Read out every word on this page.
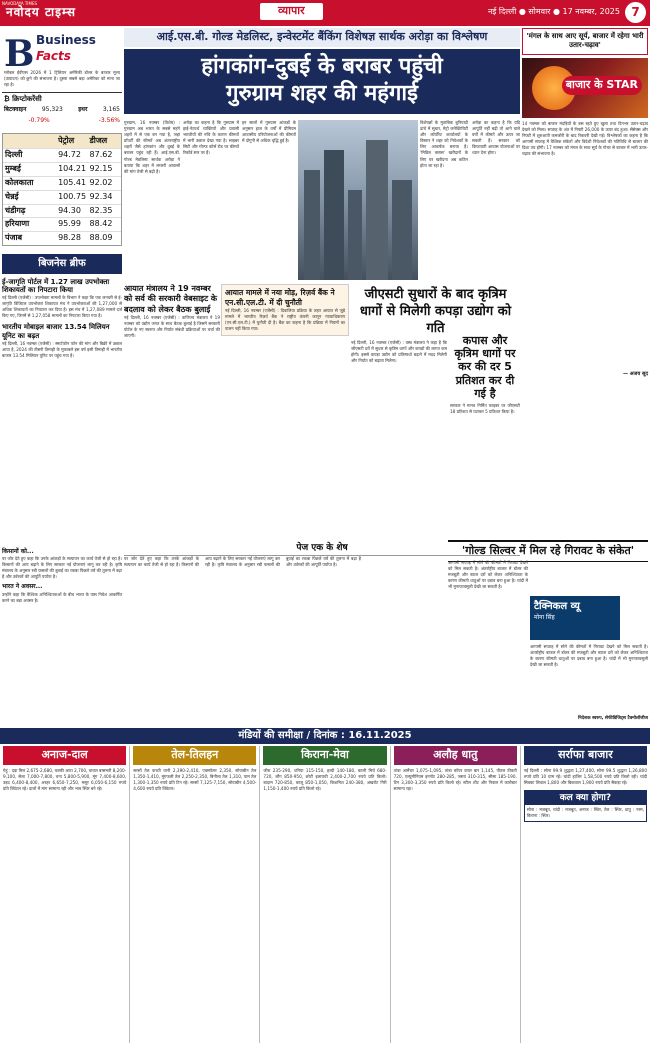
NAVODAYA TIMES
नवोदय टाइम्स	व्यापार	नई दिल्ली ● सोमवार ● 17 नवम्बर, 2025 7
B Business
Facts
ग्लोबल ईवीएस 2026 में 1 ट्रिलियन अमेरिकी डॉलर के बाजार मूल्य (उत्पादन) को छुने की संभावना है। दूसरा सबसे बड़ा अमेरिका को माना जा रहा है।
₿ क्रिप्टोकरेंसी
बिटक्वाइन	95,323	इथर	3,165
-0.79%	-3.56%
पेट्रोल	डीजल
दिल्ली	94.72	87.62
मुम्बई	104.21 92.15
कोलकाता	105.41 92.02
चेन्नई	100.75 92.34
चंडीगढ़	94.30	82.35
हरियाणा	95.99	88.42
पंजाब	98.28	88.09
बिजनेस ब्रीफ
ई-जागृति पोर्टल में 1.27 लाख उपभोक्ता शिकायतों का निपटारा किया
नई दिल्ली (एजेंसी) : उपभोक्ता मामलों के विभाग ने कहा कि एक जनवरी से ई-जागृति डिजिटल उपभोक्ता शिकायत मंच ने उपभोक्ताओं की 1,27,000 से अधिक शिकायतों का निपटारा कर दिया है। इस मंच में 1,27,089 मामले दर्ज किए गए, जिनमें से 1,27,058 मामलों का निपटारा किया गया है।
भारतीय मोबाइल बाजार 13.54 मिलियन यूनिट का बढ़त
नई दिल्ली, 16 नवम्बर (एजेंसी) : स्मार्टफोन फोन की मांग और बिक्री में उछाल आया है, 2024 की तीसरी तिमाही के मुकाबले इस वर्ष इसी तिमाही में भारतीय बाजार 13.54 मिलियन यूनिट पर पहुंच गया है।
आई.एस.बी. गोल्ड मेडलिस्ट, इन्वेस्टमेंट बैंकिंग विशेषज्ञ सार्थक अरोड़ा का विश्लेषण
हांगकांग-दुबई के बराबर पहुंची
गुरुग्राम शहर की महंगाई
गुरुग्राम, 16 नवम्बर (विशेष) : गुरुग्राम अब भारत के सबसे महंगे शहरों में से एक बन गया है, जहां प्रॉपर्टी की कीमतें अब अंतरराष्ट्रीय शहरों जैसे हांगकांग और दुबई के बराबर पहुंच रही हैं। आई.एस.बी. गोल्ड मेडलिस्ट सार्थक अरोड़ा ने बताया कि शहर में लग्जरी आवासों की मांग तेजी से बढ़ी है।
अरोड़ा का कहना है कि गुरुग्राम में हाई-नेटवर्थ व्यक्तियों और प्रवासी भारतीयों की रुचि के कारण कीमतों में भारी उछाल देखा गया है। साइबर सिटी और गोल्फ कोर्स रोड पर कीमतें रिकॉर्ड स्तर पर हैं।
इन सालों में गुरुग्राम आंकड़ों के अनुसार हाल के वर्षों में प्रीमियम आवासीय परियोजनाओं की कीमतों में दोगुनी से अधिक वृद्धि हुई है।
विशेषज्ञों के मुताबिक बुनियादी ढांचे में सुधार, मेट्रो कनेक्टिविटी और कॉर्पोरेट कार्यालयों के विस्तार ने शहर को निवेशकों के लिए आकर्षक बनाया है। 'मिडिल क्लास' खरीदारों के लिए घर खरीदना अब कठिन होता जा रहा है।
अरोड़ा का कहना है कि यदि आपूर्ति नहीं बढ़ी तो आने वाले वर्षों में कीमतें और ऊपर जा सकती हैं। सरकार को किफायती आवास योजनाओं पर ध्यान देना होगा।
'मंगल के साथ आए सूर्य, बाजार में रहेगा भारी उतार-चढ़ाव'
बाजार के STAR
14 नवम्बर को बाजार मंदड़ियों के बस रहते हुए खुला तथा दिनभर उतार-चढ़ाव देखने को मिला। सप्ताह के अंत में निफ्टी 26,000 के ऊपर बंद हुआ। सेंसेक्स और निफ्टी में शुरुआती कमजोरी के बाद रिकवरी देखी गई। विश्लेषकों का कहना है कि आगामी सप्ताह में वैश्विक संकेतों और विदेशी निवेशकों की गतिविधि से बाजार की दिशा तय होगी। 17 नवम्बर को मंगल के साथ सूर्य के गोचर से बाजार में भारी उतार-चढ़ाव की संभावना है।
— अजय सूद
आयात मंत्रालय ने 19 नवम्बर को सर्व की सरकारी वेबसाइट के बदलाव को लेकर बैठक बुलाई
नई दिल्ली, 16 नवम्बर (एजेंसी) : वाणिज्य मंत्रालय ने 19 नवम्बर को उद्योग जगत के साथ बैठक बुलाई है जिसमें सरकारी पोर्टल के नए स्वरूप और निर्यात संबंधी प्रक्रियाओं पर चर्चा की जाएगी।
आयात मामले में नया मोड़, रिज़र्व बैंक ने एन.सी.एल.टी. में दी चुनौती
नई दिल्ली, 16 नवम्बर (एजेंसी) : दिवालिया प्रक्रिया के तहत आयात से जुड़े मामले में भारतीय रिज़र्व बैंक ने राष्ट्रीय कंपनी कानून न्यायाधिकरण (एन.सी.एल.टी.) में चुनौती दी है। बैंक का कहना है कि प्रक्रिया में नियमों का पालन नहीं किया गया।
जीएसटी सुधारों के बाद कृत्रिम धागों से मिलेगी कपड़ा उद्योग को गति
नई दिल्ली, 16 नवम्बर (एजेंसी) : वस्त्र मंत्रालय ने कहा है कि जीएसटी दरों में सुधार से कृत्रिम धागों और कपड़ों की लागत कम होगी। इससे कपड़ा उद्योग को प्रतिस्पर्धा बढ़ाने में मदद मिलेगी और निर्यात को बढ़ावा मिलेगा।
कपास और कृत्रिम धागों पर कर की दर 5 प्रतिशत कर दी गई है
सरकार ने मानव निर्मित फाइबर पर जीएसटी 18 प्रतिशत से घटाकर 5 प्रतिशत किया है।
पेज एक के शेष
किसानों को...
पर जोर देते हुए कहा कि उनके आंकड़ों के सत्यापन का कार्य तेजी से हो रहा है। किसानों की आय बढ़ाने के लिए सरकार नई योजनाएं लागू कर रही है। कृषि मंत्रालय के अनुसार रबी फसलों की बुवाई का रकबा पिछले वर्ष की तुलना में बढ़ा है और उर्वरकों की आपूर्ति पर्याप्त है।
भारत ने अवसर...
उन्होंने कहा कि वैश्विक अनिश्चितताओं के बीच भारत के पास निवेश आकर्षित करने का बड़ा अवसर है।
पर जोर देते हुए कहा कि उनके आंकड़ों के सत्यापन का कार्य तेजी से हो रहा है। किसानों की आय बढ़ाने के लिए सरकार नई योजनाएं लागू कर रही है। कृषि मंत्रालय के अनुसार रबी फसलों की बुवाई का रकबा पिछले वर्ष की तुलना में बढ़ा है और उर्वरकों की आपूर्ति पर्याप्त है।
'गोल्ड सिल्वर में मिल रहे गिरावट के संकेत'
आगामी सप्ताह में सोने की कीमतों में गिरावट देखने को मिल सकती है। अंतर्राष्ट्रीय बाजार में डॉलर की मजबूती और ब्याज दरों को लेकर अनिश्चितता के कारण कीमती धातुओं पर दबाव बना हुआ है। चांदी में भी मुनाफावसूली देखी जा सकती है।
टैक्निकल व्यू
मोना सिंह
आगामी सप्ताह में सोने की कीमतों में गिरावट देखने को मिल सकती है। अंतर्राष्ट्रीय बाजार में डॉलर की मजबूती और ब्याज दरों को लेकर अनिश्चितता के कारण कीमती धातुओं पर दबाव बना हुआ है। चांदी में भी मुनाफावसूली देखी जा सकती है।
निदेशक स्वरुप, सेफीडिजिट्स टैक्नोलॉजीज
मंडियों की समीक्षा / दिनांक : 16.11.2025
अनाज-दाल
गेहूं : दड़ा मिल 2,675-2,680, चक्की आटा 2,700, चावल बासमती 8,200-9,100, सेला 7,000-7,800, चना 5,800-5,900, मूंग 7,400-8,600, उड़द 6,400-8,400, अरहर 6,650-7,250, मसूर 6,050-6,150 रुपये प्रति क्विंटल रहे। दालों में मांग सामान्य रही और भाव स्थिर बने रहे।
तेल-तिलहन
सरसों तेल कच्ची घानी 2,390-2,410, एक्सपेलर 2,350, सोयाबीन तेल 1,350-1,410, मूंगफली तेल 2,250-2,350, बिनौला तेल 1,310, पाम तेल 1,300-1,350 रुपये प्रति टिन रहे। सरसों 7,125-7,150, सोयाबीन 4,500-4,600 रुपये प्रति क्विंटल।
किराना-मेवा
जीरा 235-290, धनिया 115-150, हल्दी 140-180, काली मिर्च 680-720, लौंग 850-950, छोटी इलायची 2,400-2,700 रुपये प्रति किलो। बादाम 720-850, काजू 850-1,050, किशमिश 240-380, अखरोट गिरी 1,150-1,400 रुपये प्रति किलो रहे।
अलौह धातु
तांबा आर्मेचर 1,075-1,095, तांबा कॉपर वायर बार 1,145, पीतल ठीकरी 720, एल्युमीनियम इनगॉट 280-285, जस्ता 310-315, सीसा 185-190, टिन 3,300-3,350 रुपये प्रति किलो रहे। स्टील शीट और निकल में कारोबार सामान्य रहा।
सर्राफा बाजार
नई दिल्ली : सोना 99.9 शुद्धता 1,27,400, सोना 99.5 शुद्धता 1,26,800 रुपये प्रति 10 ग्राम रहे। चांदी हाजिर 1,58,500 रुपये प्रति किलो रही। चांदी सिक्का लिवाल 1,800 और बिकवाल 1,900 रुपये प्रति सैकड़ा रहे।
कल क्या होगा?
सोना : मजबूत, चांदी : मजबूत, अनाज : स्थिर, तेल : स्थिर, धातु : नरम, किराना : स्थिर।
